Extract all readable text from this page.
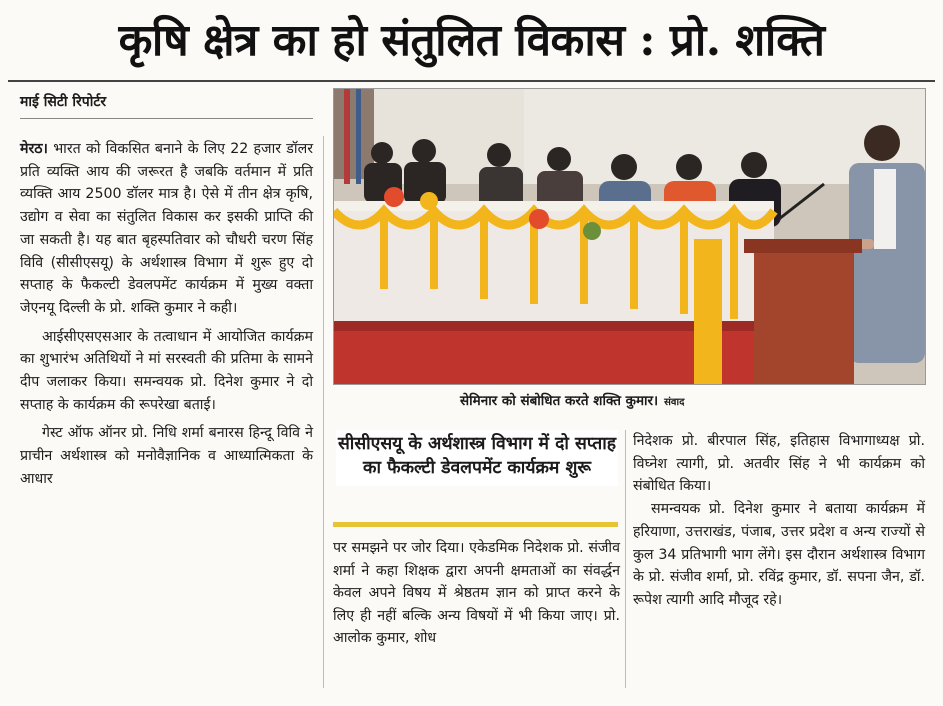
कृषि क्षेत्र का हो संतुलित विकास : प्रो. शक्ति
माई सिटी रिपोर्टर

मेरठ। भारत को विकसित बनाने के लिए 22 हजार डॉलर प्रति व्यक्ति आय की जरूरत है जबकि वर्तमान में प्रति व्यक्ति आय 2500 डॉलर मात्र है। ऐसे में तीन क्षेत्र कृषि, उद्योग व सेवा का संतुलित विकास कर इसकी प्राप्ति की जा सकती है। यह बात बृहस्पतिवार को चौधरी चरण सिंह विवि (सीसीएसयू) के अर्थशास्त्र विभाग में शुरू हुए दो सप्ताह के फैकल्टी डेवलपमेंट कार्यक्रम में मुख्य वक्ता जेएनयू दिल्ली के प्रो. शक्ति कुमार ने कही।

आईसीएसएसआर के तत्वाधान में आयोजित कार्यक्रम का शुभारंभ अतिथियों ने मां सरस्वती की प्रतिमा के सामने दीप जलाकर किया। समन्वयक प्रो. दिनेश कुमार ने दो सप्ताह के कार्यक्रम की रूपरेखा बताई।

गेस्ट ऑफ ऑनर प्रो. निधि शर्मा बनारस हिन्दू विवि ने प्राचीन अर्थशास्त्र को मनोवैज्ञानिक व आध्यात्मिकता के आधार

सेमिनार को संबोधित करते शक्ति कुमार। संवाद
सीसीएसयू के अर्थशास्त्र विभाग में दो सप्ताह का फैकल्टी डेवलपमेंट कार्यक्रम शुरू

पर समझने पर जोर दिया। एकेडमिक निदेशक प्रो. संजीव शर्मा ने कहा शिक्षक द्वारा अपनी क्षमताओं का संवर्द्धन केवल अपने विषय में श्रेष्ठतम ज्ञान को प्राप्त करने के लिए ही नहीं बल्कि अन्य विषयों में भी किया जाए। प्रो. आलोक कुमार, शोध

निदेशक प्रो. बीरपाल सिंह, इतिहास विभागाध्यक्ष प्रो. विघ्नेश त्यागी, प्रो. अतवीर सिंह ने भी कार्यक्रम को संबोधित किया।

समन्वयक प्रो. दिनेश कुमार ने बताया कार्यक्रम में हरियाणा, उत्तराखंड, पंजाब, उत्तर प्रदेश व अन्य राज्यों से कुल 34 प्रतिभागी भाग लेंगे। इस दौरान अर्थशास्त्र विभाग के प्रो. संजीव शर्मा, प्रो. रविंद्र कुमार, डॉ. सपना जैन, डॉ. रूपेश त्यागी आदि मौजूद रहे।
